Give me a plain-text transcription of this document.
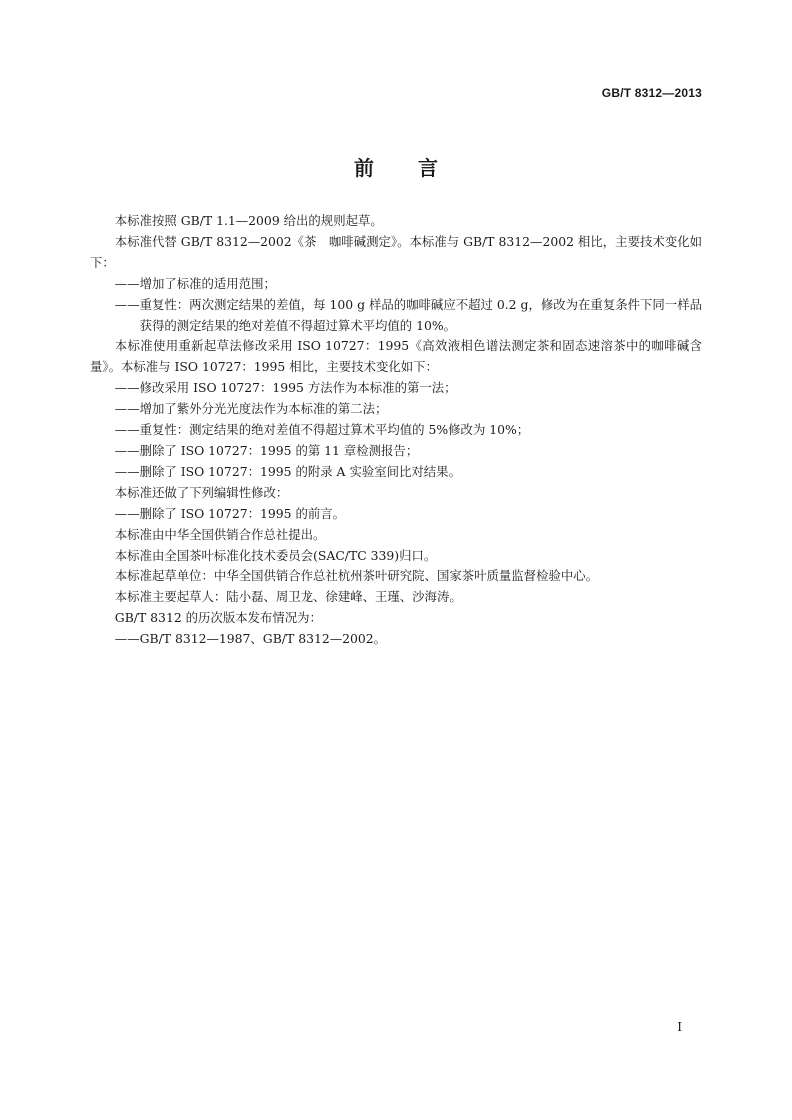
GB/T 8312—2013
前言

本标准按照 GB/T 1.1—2009 给出的规则起草。

本标准代替 GB/T 8312—2002《茶　咖啡碱测定》。本标准与 GB/T 8312—2002 相比，主要技术变化如下：

——增加了标准的适用范围；

——重复性：两次测定结果的差值，每 100 g 样品的咖啡碱应不超过 0.2 g，修改为在重复条件下同一样品获得的测定结果的绝对差值不得超过算术平均值的 10%。

本标准使用重新起草法修改采用 ISO 10727：1995《高效液相色谱法测定茶和固态速溶茶中的咖啡碱含量》。本标准与 ISO 10727：1995 相比，主要技术变化如下：

——修改采用 ISO 10727：1995 方法作为本标准的第一法；

——增加了紫外分光光度法作为本标准的第二法；

——重复性：测定结果的绝对差值不得超过算术平均值的 5%修改为 10%；

——删除了 ISO 10727：1995 的第 11 章检测报告；

——删除了 ISO 10727：1995 的附录 A 实验室间比对结果。

本标准还做了下列编辑性修改：

——删除了 ISO 10727：1995 的前言。

本标准由中华全国供销合作总社提出。

本标准由全国茶叶标准化技术委员会(SAC/TC 339)归口。

本标准起草单位：中华全国供销合作总社杭州茶叶研究院、国家茶叶质量监督检验中心。

本标准主要起草人：陆小磊、周卫龙、徐建峰、王瑾、沙海涛。

GB/T 8312 的历次版本发布情况为：

——GB/T 8312—1987、GB/T 8312—2002。

I
